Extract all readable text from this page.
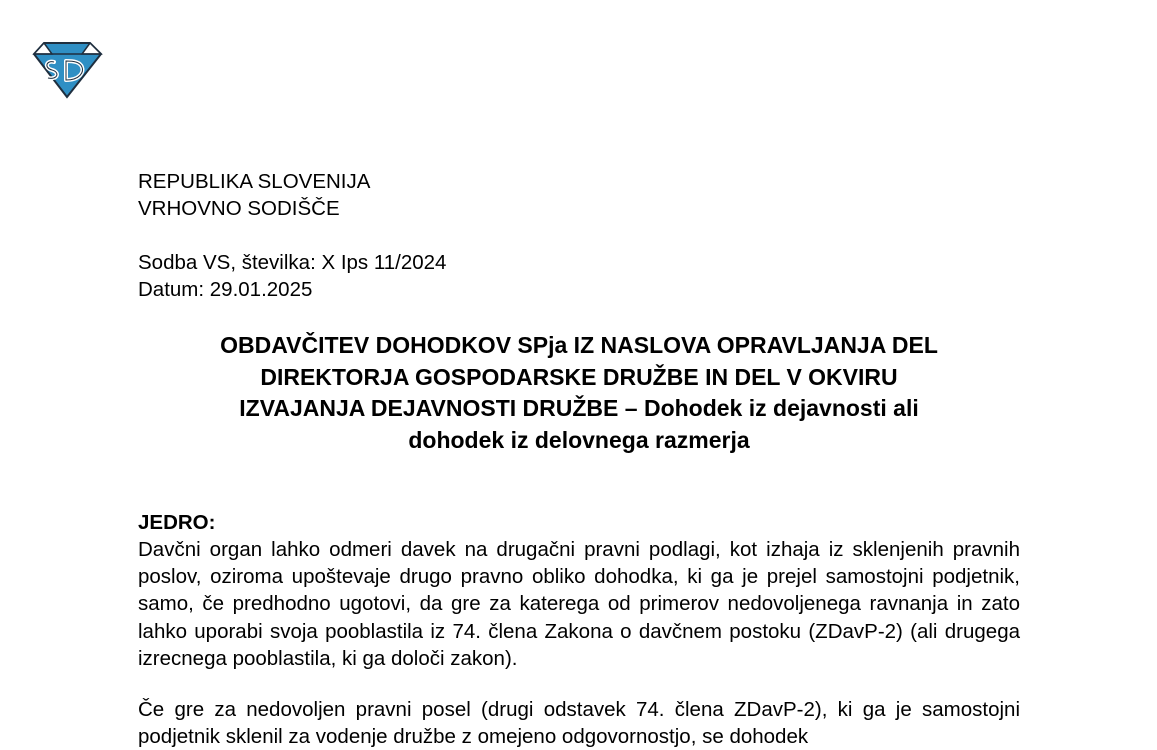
REPUBLIKA SLOVENIJA
VRHOVNO SODIŠČE
Sodba VS, številka: X Ips 11/2024
Datum: 29.01.2025
OBDAVČITEV DOHODKOV SPja IZ NASLOVA OPRAVLJANJA DEL
DIREKTORJA GOSPODARSKE DRUŽBE IN DEL V OKVIRU
IZVAJANJA DEJAVNOSTI DRUŽBE – Dohodek iz dejavnosti ali
dohodek iz delovnega razmerja
JEDRO:

Davčni organ lahko odmeri davek na drugačni pravni podlagi, kot izhaja iz sklenjenih pravnih poslov, oziroma upoštevaje drugo pravno obliko dohodka, ki ga je prejel samostojni podjetnik, samo, če predhodno ugotovi, da gre za katerega od primerov nedovoljenega ravnanja in zato lahko uporabi svoja pooblastila iz 74. člena Zakona o davčnem postoku (ZDavP-2) (ali drugega izrecnega pooblastila, ki ga določi zakon).

Če gre za nedovoljen pravni posel (drugi odstavek 74. člena ZDavP-2), ki ga je samostojni podjetnik sklenil za vodenje družbe z omejeno odgovornostjo, se dohodek
